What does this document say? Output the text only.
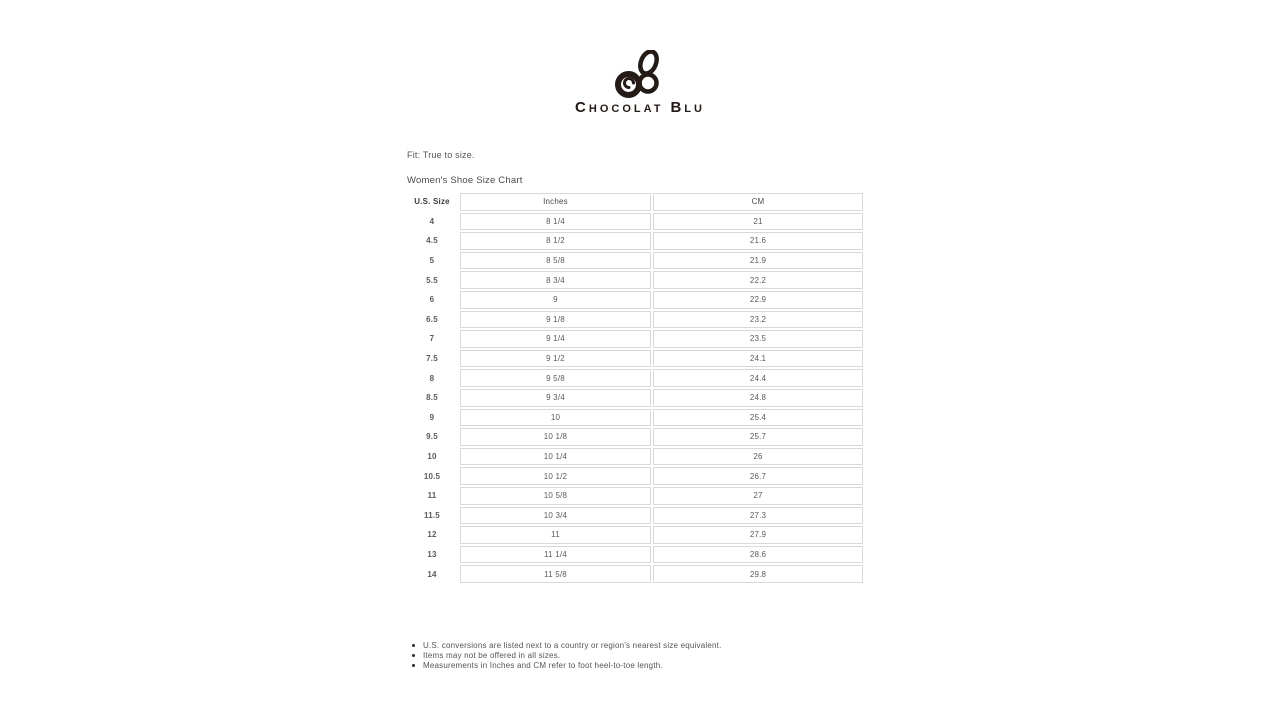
CHOCOLAT BLU
Fit: True to size.
Women's Shoe Size Chart
U.S. Size	Inches	CM
4	8 1/4	21
4.5	8 1/2	21.6
5	8 5/8	21.9
5.5	8 3/4	22.2
6	9	22.9
6.5	9 1/8	23.2
7	9 1/4	23.5
7.5	9 1/2	24.1
8	9 5/8	24.4
8.5	9 3/4	24.8
9	10	25.4
9.5	10 1/8	25.7
10	10 1/4	26
10.5	10 1/2	26.7
11	10 5/8	27
11.5	10 3/4	27.3
12	11	27.9
13	11 1/4	28.6
14	11 5/8	29.8
U.S. conversions are listed next to a country or region's nearest size equivalent.
Items may not be offered in all sizes.
Measurements in Inches and CM refer to foot heel-to-toe length.
